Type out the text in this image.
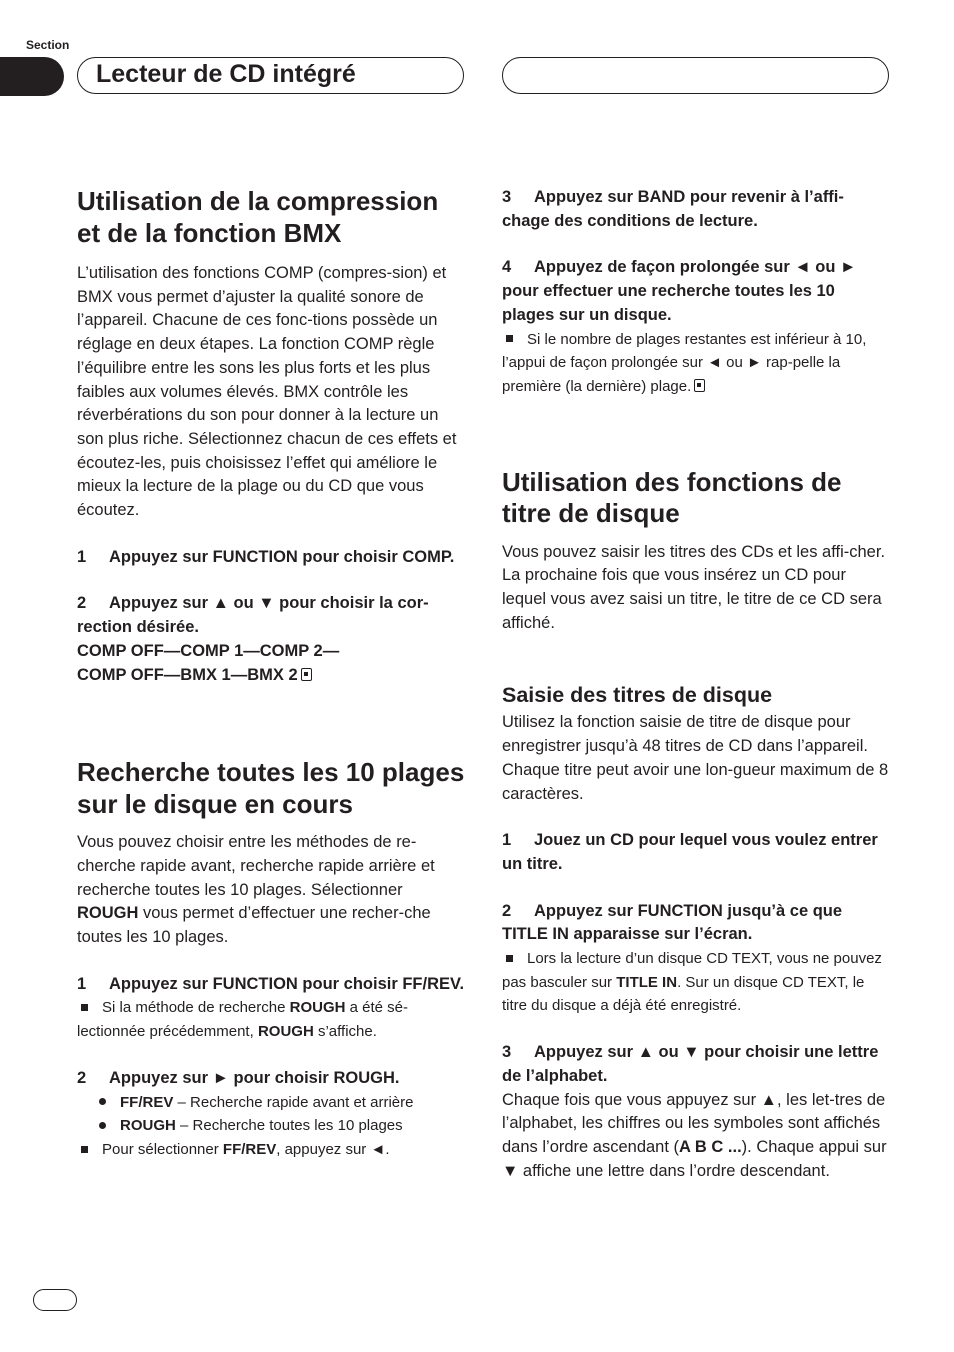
Section
Lecteur de CD intégré
Utilisation de la compression et de la fonction BMX

L’utilisation des fonctions COMP (compres-sion) et BMX vous permet d’ajuster la qualité sonore de l’appareil. Chacune de ces fonc-tions possède un réglage en deux étapes. La fonction COMP règle l’équilibre entre les sons les plus forts et les plus faibles aux volumes élevés. BMX contrôle les réverbérations du son pour donner à la lecture un son plus riche. Sélectionnez chacun de ces effets et écoutez-les, puis choisissez l’effet qui améliore le mieux la lecture de la plage ou du CD que vous écoutez.

1 Appuyez sur FUNCTION pour choisir COMP.

2 Appuyez sur ▲ ou ▼ pour choisir la cor-rection désirée.

COMP OFF—COMP 1—COMP 2—

COMP OFF—BMX 1—BMX 2

Recherche toutes les 10 plages sur le disque en cours

Vous pouvez choisir entre les méthodes de re-cherche rapide avant, recherche rapide arrière et recherche toutes les 10 plages. Sélectionner ROUGH vous permet d’effectuer une recher-che toutes les 10 plages.

1 Appuyez sur FUNCTION pour choisir FF/REV.

Si la méthode de recherche ROUGH a été sé-lectionnée précédemment, ROUGH s’affiche.

2 Appuyez sur ► pour choisir ROUGH.

FF/REV – Recherche rapide avant et arrière

ROUGH – Recherche toutes les 10 plages

Pour sélectionner FF/REV, appuyez sur ◄.

3 Appuyez sur BAND pour revenir à l’affi-chage des conditions de lecture.

4 Appuyez de façon prolongée sur ◄ ou ► pour effectuer une recherche toutes les 10 plages sur un disque.

Si le nombre de plages restantes est inférieur à 10, l’appui de façon prolongée sur ◄ ou ► rap-pelle la première (la dernière) plage.

Utilisation des fonctions de titre de disque

Vous pouvez saisir les titres des CDs et les affi-cher. La prochaine fois que vous insérez un CD pour lequel vous avez saisi un titre, le titre de ce CD sera affiché.

Saisie des titres de disque

Utilisez la fonction saisie de titre de disque pour enregistrer jusqu’à 48 titres de CD dans l’appareil. Chaque titre peut avoir une lon-gueur maximum de 8 caractères.

1 Jouez un CD pour lequel vous voulez entrer un titre.

2 Appuyez sur FUNCTION jusqu’à ce que TITLE IN apparaisse sur l’écran.

Lors la lecture d’un disque CD TEXT, vous ne pouvez pas basculer sur TITLE IN. Sur un disque CD TEXT, le titre du disque a déjà été enregistré.

3 Appuyez sur ▲ ou ▼ pour choisir une lettre de l’alphabet.

Chaque fois que vous appuyez sur ▲, les let-tres de l’alphabet, les chiffres ou les symboles sont affichés dans l’ordre ascendant (A B C ...). Chaque appui sur ▼ affiche une lettre dans l’ordre descendant.
